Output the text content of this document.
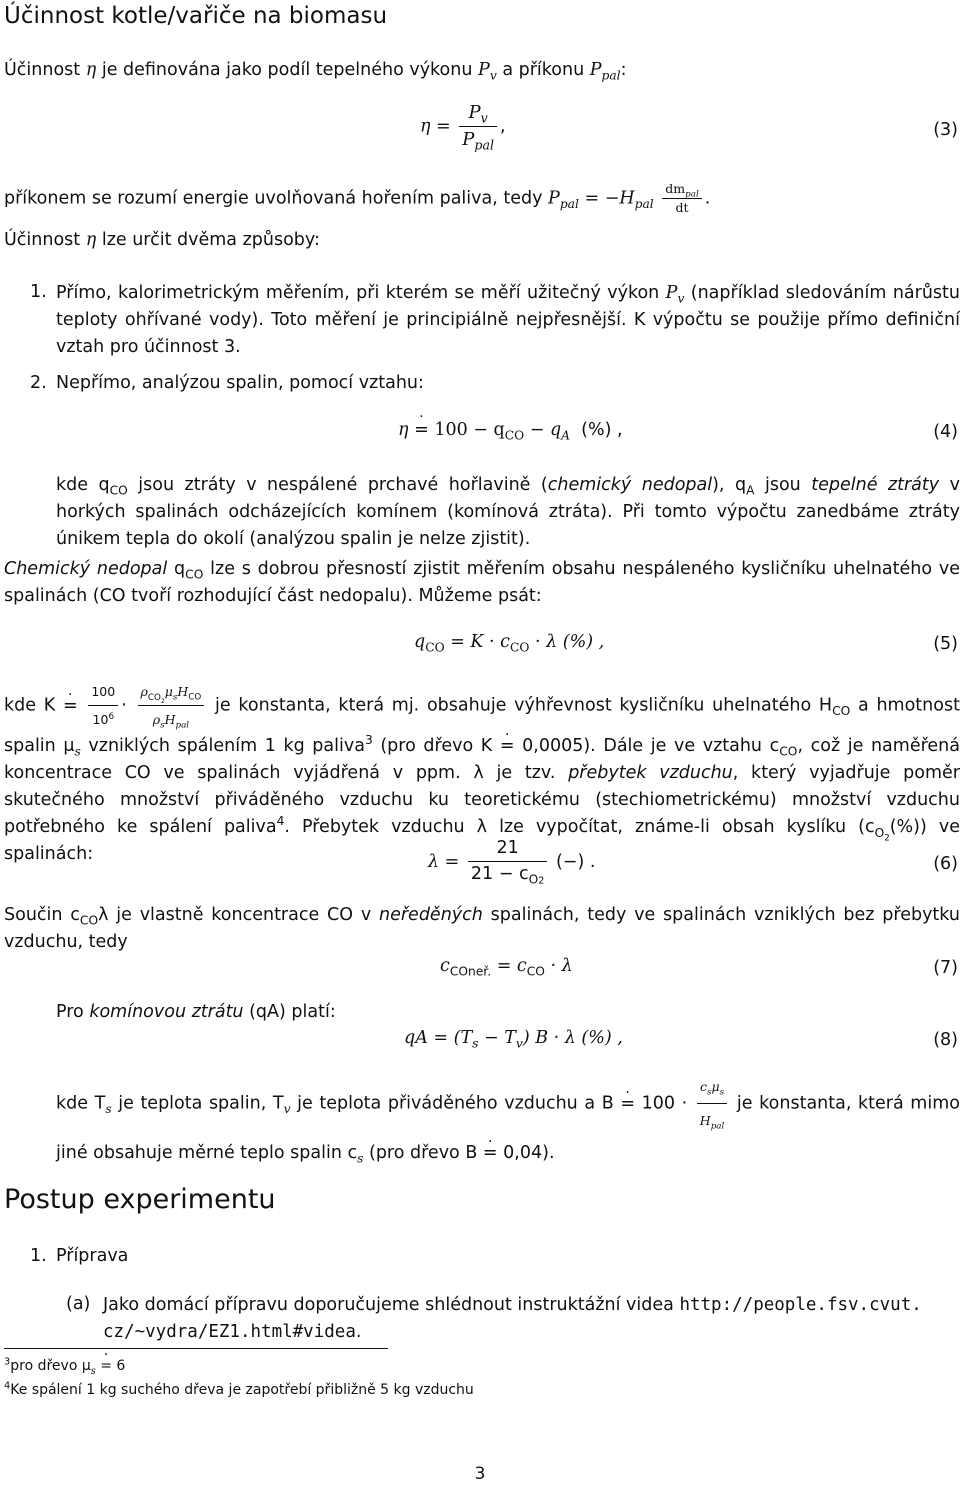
Účinnost kotle/vařiče na biomasu
Účinnost η je definována jako podíl tepelného výkonu $P_v$ a příkonu $P_{pal}$:
$\eta = \frac{P_v}{P_{pal}}$ ,	(3)
příkonem se rozumí energie uvolňovaná hořením paliva, tedy $P_{pal} = -H_{pal} \frac{dm_{pal}}{dt}$ .
Účinnost η lze určit dvěma způsoby:
1. Přímo, kalorimetrickým měřením, při kterém se měří užitečný výkon $P_v$ (například sledováním nárůstu teploty ohřívané vody). Toto měření je principiálně nejpřesnější. K výpočtu se použije přímo definiční vztah pro účinnost 3.
2. Nepřímo, analýzou spalin, pomocí vztahu:
η · = $100 - q_{CO} - q_A$ (%) ,	(4)
kde $q_{CO}$ jsou ztráty v nespálené prchavé hořlavině (chemický nedopal), $q_A$ jsou tepelné ztráty v horkých spalinách odcházejících komínem (komínová ztráta). Při tomto výpočtu zanedbáme ztráty únikem tepla do okolí (analýzou spalin je nelze zjistit).
Chemický nedopal $q_{CO}$ lze s dobrou přesností zjistit měřením obsahu nespáleného kysličníku uhelnatého ve spalinách (CO tvoří rozhodující část nedopalu). Můžeme psát:
$q_{CO} = K \cdot c_{CO} \cdot \lambda$ (%) ,	(5)
kde K · = $\frac{100}{10^6} \cdot \frac{\rho_{CO_2}\mu_sH_{CO}}{\rho_sH_{pal}}$ je konstanta, která mj. obsahuje výhřevnost kysličníku uhelnatého $H_{CO}$ a hmotnost spalin $\mu_s$ vzniklých spálením 1 kg paliva$^3$ (pro dřevo K · = 0,0005). Dále je ve vztahu $c_{CO}$, což je naměřená koncentrace CO ve spalinách vyjádřená v ppm. λ je tzv. přebytek vzduchu, který vyjadřuje poměr skutečného množství přiváděného vzduchu ku teoretickému (stechiometrickému) množství vzduchu potřebného ke spálení paliva$^4$. Přebytek vzduchu λ lze vypočítat, známe-li obsah kyslíku $(c_{O_2}(\%))$ ve spalinách:	$\lambda = \frac{21}{21 - c_{O2}}$ (−) .	(6)
Součin $c_{CO}\lambda$ je vlastně koncentrace CO v neředěných spalinách, tedy ve spalinách vzniklých bez přebytku vzduchu, tedy
$c_{COneř.} = c_{CO} \cdot \lambda$	(7)
Pro komínovou ztrátu (qA) platí:
qA = $(T_s - T_v) B \cdot \lambda$ (%) ,	(8)
kde $T_s$ je teplota spalin, $T_v$ je teplota přiváděného vzduchu a B · = $100 \cdot \frac{c_s\mu_s}{H_{pal}}$ je konstanta, která mimo jiné obsahuje měrné teplo spalin $c_s$ (pro dřevo B · = 0,04).
Postup experimentu
1. Příprava
(a) Jako domácí přípravu doporučujeme shlédnout instruktážní videa http://people.fsv.cvut.
cz/~vydra/EZ1.html#videa.
$^3$pro dřevo $\mu_s$ · = 6
$^4$Ke spálení 1 kg suchého dřeva je zapotřebí přibližně 5 kg vzduchu
3
